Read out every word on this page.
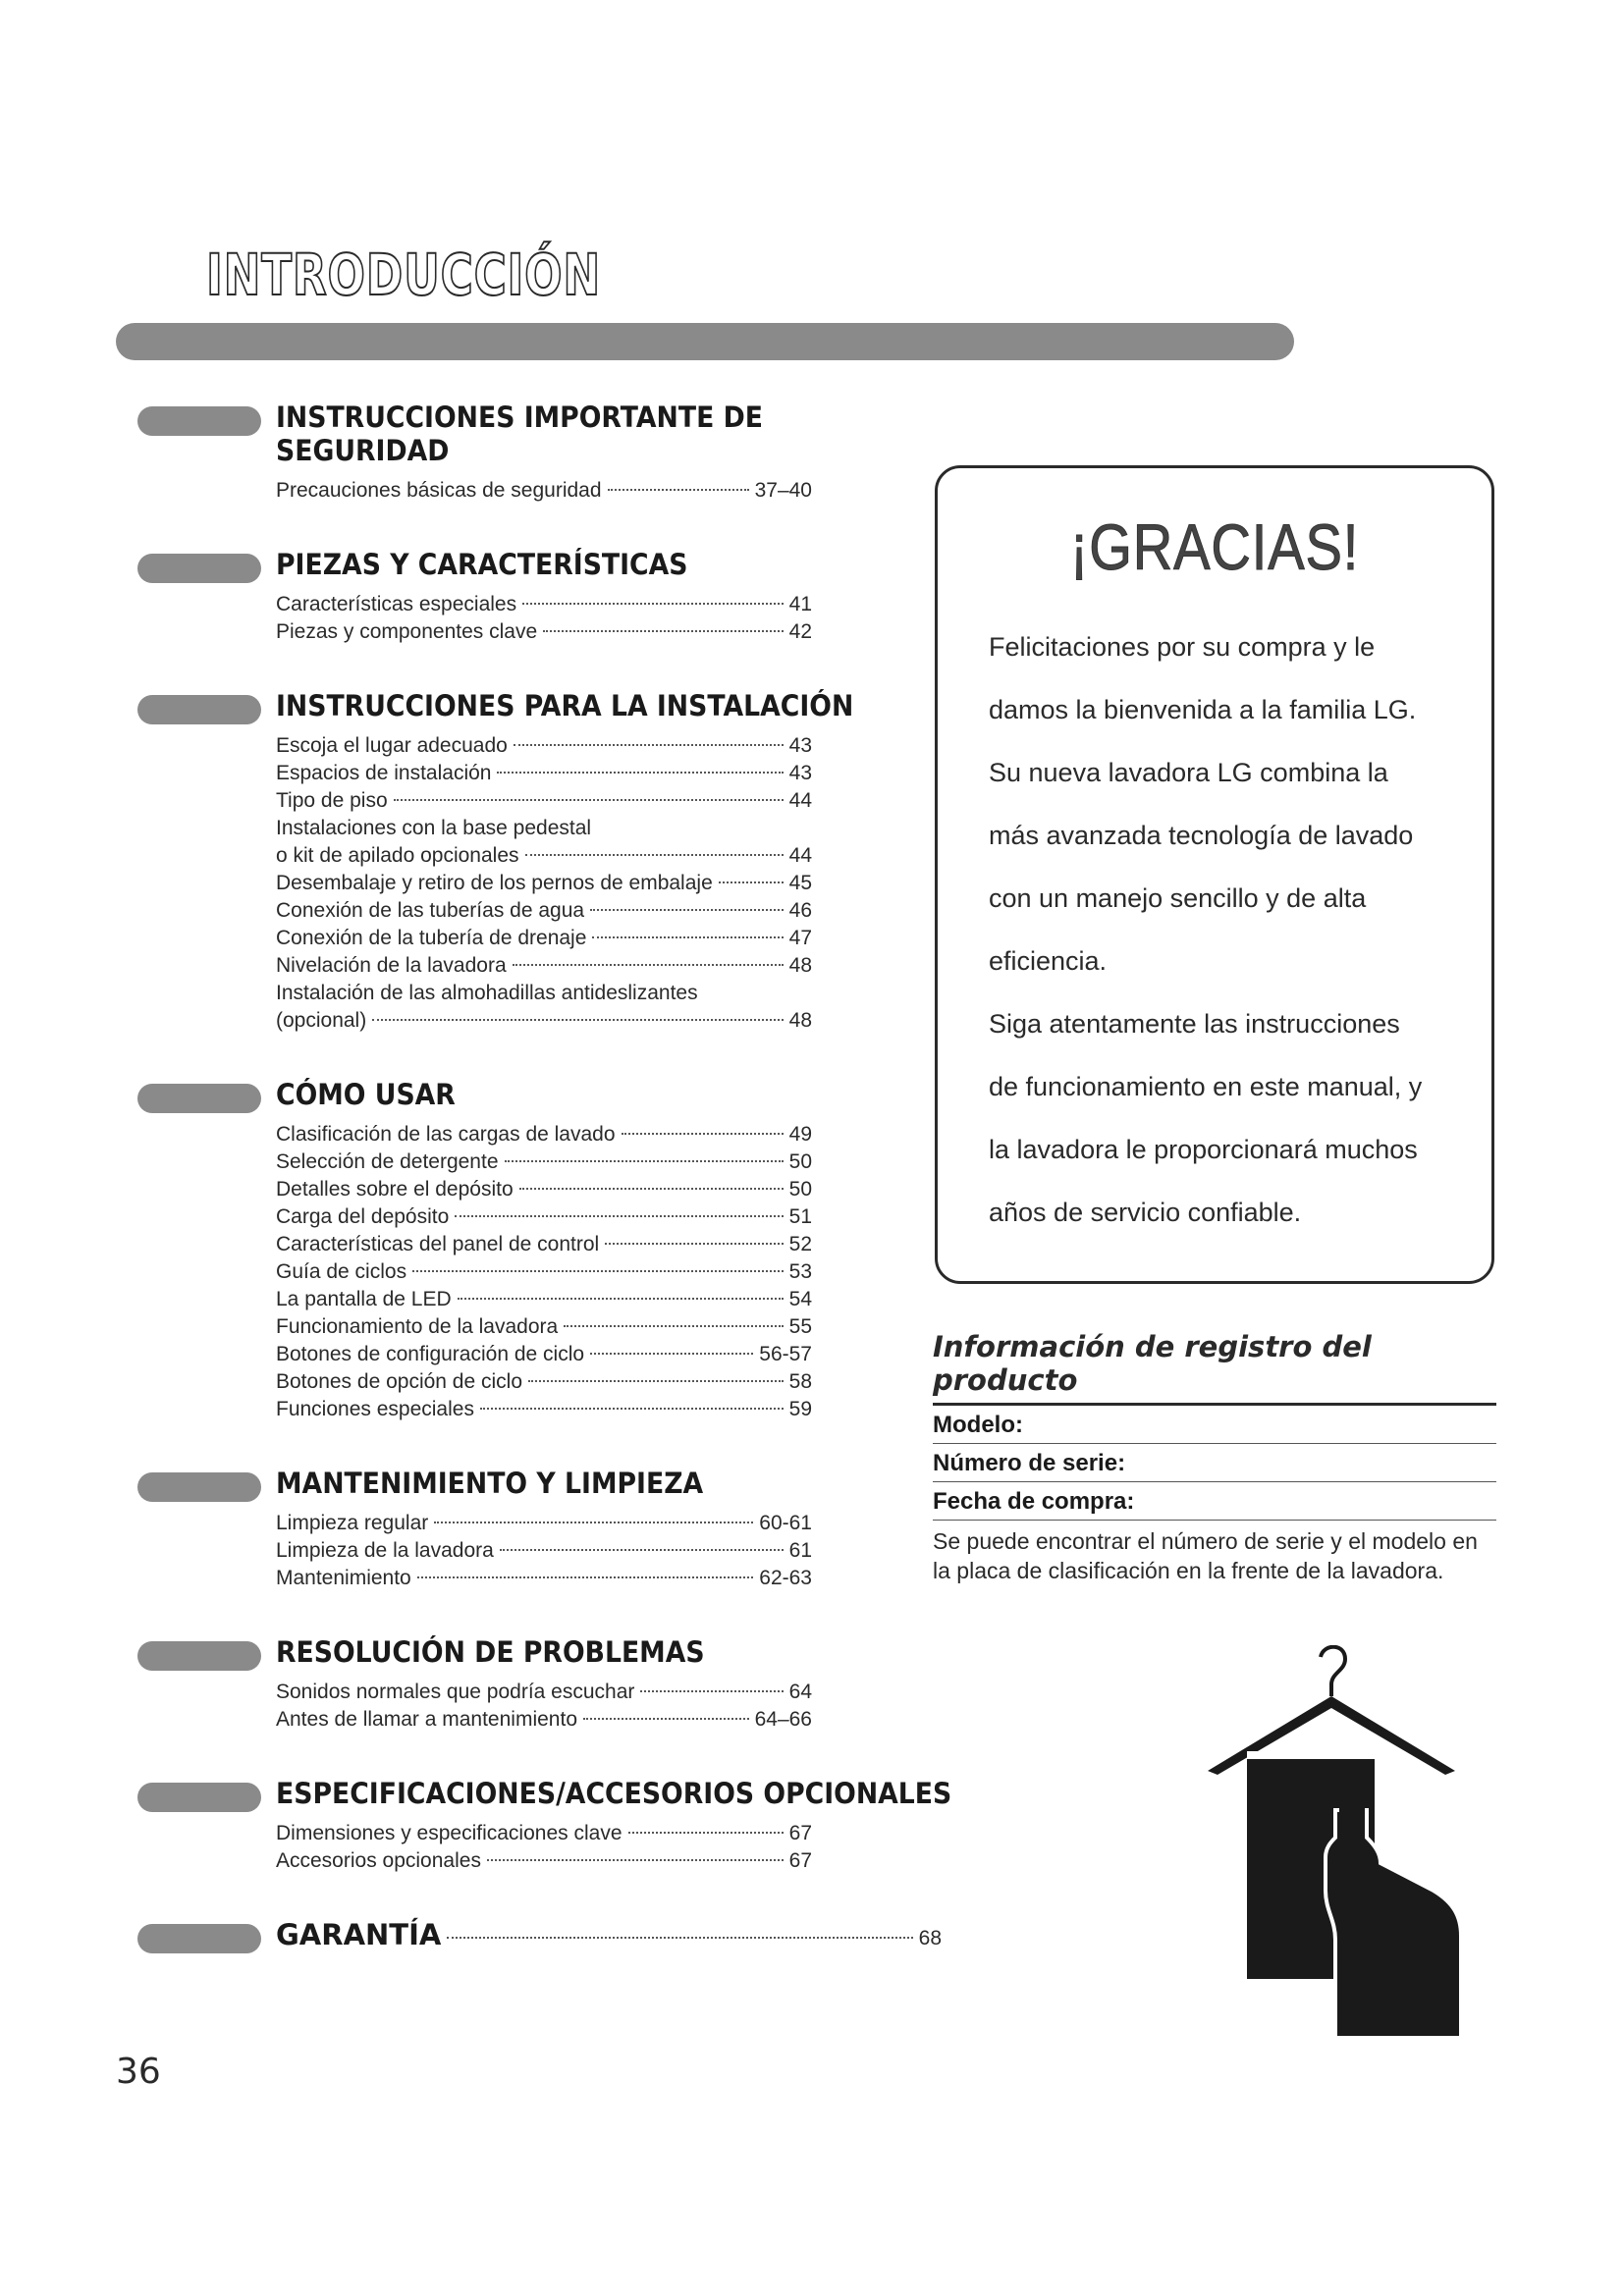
INTRODUCCIÓN
INSTRUCCIONES IMPORTANTE DE SEGURIDAD
Precauciones básicas de seguridad	37–40
PIEZAS Y CARACTERÍSTICAS
Características especiales	41
Piezas y componentes clave	42
INSTRUCCIONES PARA LA INSTALACIÓN
Escoja el lugar adecuado	43
Espacios de instalación	43
Tipo de piso	44
Instalaciones con la base pedestal
o kit de apilado opcionales	44
Desembalaje y retiro de los pernos de embalaje	45
Conexión de las tuberías de agua	46
Conexión de la tubería de drenaje	47
Nivelación de la lavadora	48
Instalación de las almohadillas antideslizantes
(opcional)	48
CÓMO USAR
Clasificación de las cargas de lavado	49
Selección de detergente	50
Detalles sobre el depósito	50
Carga del depósito	51
Características del panel de control	52
Guía de ciclos	53
La pantalla de LED	54
Funcionamiento de la lavadora	55
Botones de configuración de ciclo	56-57
Botones de opción de ciclo	58
Funciones especiales	59
MANTENIMIENTO Y LIMPIEZA
Limpieza regular	60-61
Limpieza de la lavadora	61
Mantenimiento	62-63
RESOLUCIÓN DE PROBLEMAS
Sonidos normales que podría escuchar	64
Antes de llamar a mantenimiento	64–66
ESPECIFICACIONES/ACCESORIOS OPCIONALES
Dimensiones y especificaciones clave	67
Accesorios opcionales	67
GARANTÍA	68
¡GRACIAS!

Felicitaciones por su compra y le

damos la bienvenida a la familia LG.

Su nueva lavadora LG combina la

más avanzada tecnología de lavado

con un manejo sencillo y de alta

eficiencia.

Siga atentamente las instrucciones

de funcionamiento en este manual, y

la lavadora le proporcionará muchos

años de servicio confiable.

Información de registro del producto
Modelo:
Número de serie:
Fecha de compra:
Se puede encontrar el número de serie y el modelo en la placa de clasificación en la frente de la lavadora.
36
